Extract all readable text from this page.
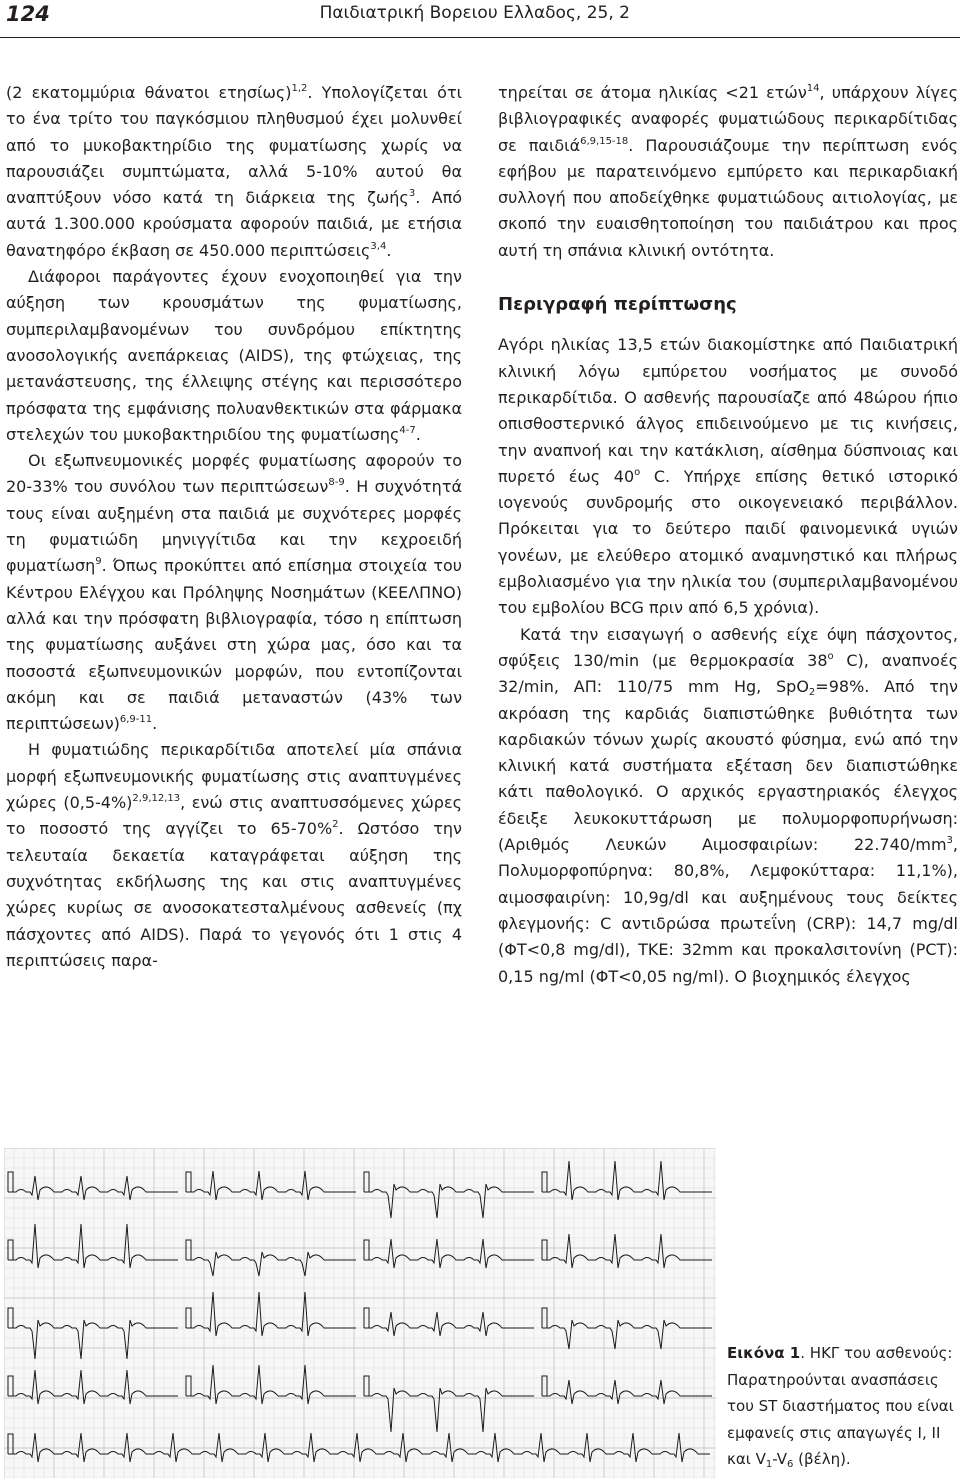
124	Παιδιατρική Βορειου Ελλαδος, 25, 2

(2 εκατομμύρια θάνατοι ετησίως)$^{1,2}$. Υπολογίζεται ότι το ένα τρίτο του παγκόσμιου πληθυσμού έχει μολυνθεί από το μυκοβακτηρίδιο της φυματίωσης χωρίς να παρουσιάζει συμπτώματα, αλλά 5-10% αυτού θα αναπτύξουν νόσο κατά τη διάρκεια της ζωής$^3$. Από αυτά 1.300.000 κρούσματα αφορούν παιδιά, με ετήσια θανατηφόρο έκβαση σε 450.000 περιπτώσεις$^{3,4}$.

Διάφοροι παράγοντες έχουν ενοχοποιηθεί για την αύξηση των κρουσμάτων της φυματίωσης, συμπεριλαμβανομένων του συνδρόμου επίκτητης ανοσολογικής ανεπάρκειας (AIDS), της φτώχειας, της μετανάστευσης, της έλλειψης στέγης και περισσότερο πρόσφατα της εμφάνισης πολυανθεκτικών στα φάρμακα στελεχών του μυκοβακτηριδίου της φυματίωσης$^{4-7}$.

Οι εξωπνευμονικές μορφές φυματίωσης αφορούν το 20-33% του συνόλου των περιπτώσεων$^{8-9}$. Η συχνότητά τους είναι αυξημένη στα παιδιά με συχνότερες μορφές τη φυματιώδη μηνιγγίτιδα και την κεχροειδή φυματίωση$^9$. Όπως προκύπτει από επίσημα στοιχεία του Κέντρου Ελέγχου και Πρόληψης Νοσημάτων (ΚΕΕΛΠΝΟ) αλλά και την πρόσφατη βιβλιογραφία, τόσο η επίπτωση της φυματίωσης αυξάνει στη χώρα μας, όσο και τα ποσοστά εξωπνευμονικών μορφών, που εντοπίζονται ακόμη και σε παιδιά μεταναστών (43% των περιπτώσεων)$^{6,9-11}$.

Η φυματιώδης περικαρδίτιδα αποτελεί μία σπάνια μορφή εξωπνευμονικής φυματίωσης στις αναπτυγμένες χώρες $(0,5-4\%)^{2,9,12,13}$, ενώ στις αναπτυσσόμενες χώρες το ποσοστό της αγγίζει το 65-70%$^2$. Ωστόσο την τελευταία δεκαετία καταγράφεται αύξηση της συχνότητας εκδήλωσης της και στις αναπτυγμένες χώρες κυρίως σε ανοσοκατεσταλμένους ασθενείς (πχ πάσχοντες από AIDS). Παρά το γεγονός ότι 1 στις 4 περιπτώσεις παρα-

τηρείται σε άτομα ηλικίας <21 ετών$^{14}$, υπάρχουν λίγες βιβλιογραφικές αναφορές φυματιώδους περικαρδίτιδας σε παιδιά$^{6,9,15-18}$. Παρουσιάζουμε την περίπτωση ενός εφήβου με παρατεινόμενο εμπύρετο και περικαρδιακή συλλογή που αποδείχθηκε φυματιώδους αιτιολογίας, με σκοπό την ευαισθητοποίηση του παιδιάτρου και προς αυτή τη σπάνια κλινική οντότητα.

Περιγραφή περίπτωσης

Αγόρι ηλικίας 13,5 ετών διακομίστηκε από Παιδιατρική κλινική λόγω εμπύρετου νοσήματος με συνοδό περικαρδίτιδα. Ο ασθενής παρουσίαζε από 48ώρου ήπιο οπισθοστερνικό άλγος επιδεινούμενο με τις κινήσεις, την αναπνοή και την κατάκλιση, αίσθημα δύσπνοιας και πυρετό έως $40^o$ C. Υπήρχε επίσης θετικό ιστορικό ιογενούς συνδρομής στο οικογενειακό περιβάλλον. Πρόκειται για το δεύτερο παιδί φαινομενικά υγιών γονέων, με ελεύθερο ατομικό αναμνηστικό και πλήρως εμβολιασμένο για την ηλικία του (συμπεριλαμβανομένου του εμβολίου BCG πριν από 6,5 χρόνια).

Κατά την εισαγωγή ο ασθενής είχε όψη πάσχοντος, σφύξεις 130/min (με θερμοκρασία $38^o$ C), αναπνοές 32/min, ΑΠ: 110/75 mm Hg, SpO$_2$=98%. Από την ακρόαση της καρδιάς διαπιστώθηκε βυθιότητα των καρδιακών τόνων χωρίς ακουστό φύσημα, ενώ από την κλινική κατά συστήματα εξέταση δεν διαπιστώθηκε κάτι παθολογικό. Ο αρχικός εργαστηριακός έλεγχος έδειξε λευκοκυττάρωση με πολυμορφοπυρήνωση: (Αριθμός Λευκών Αιμοσφαιρίων: $22.740/mm^3$, Πολυμορφοπύρηνα: 80,8%, Λεμφοκύτταρα: 11,1%), αιμοσφαιρίνη: 10,9g/dl και αυξημένους τους δείκτες φλεγμονής: C αντιδρώσα πρωτεΐνη (CRP): 14,7 mg/dl (ΦΤ<0,8 mg/dl), ΤΚΕ: 32mm και προκαλσιτονίνη (PCT): 0,15 ng/ml (ΦΤ<0,05 ng/ml). Ο βιοχημικός έλεγχος

Εικόνα 1. ΗΚΓ του ασθενούς: Παρατηρούνται ανασπάσεις του ST διαστήματος που είναι εμφανείς στις απαγωγές I, II και $V_1-V_6$ (βέλη).
